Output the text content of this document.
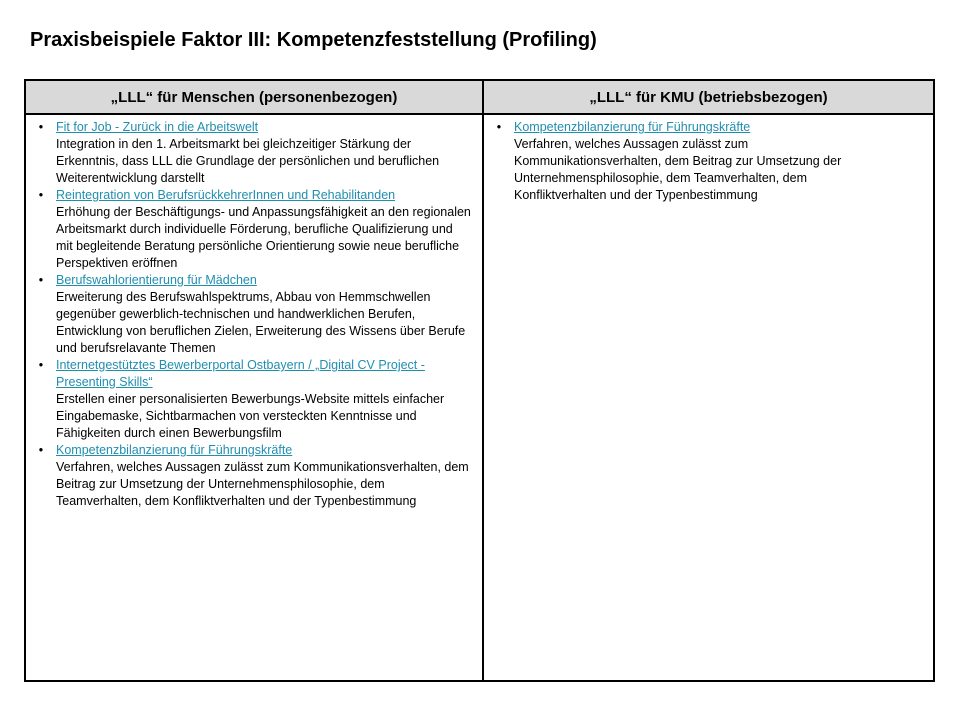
Praxisbeispiele Faktor III: Kompetenzfeststellung (Profiling)
„LLL“ für Menschen (personenbezogen)	„LLL“ für KMU (betriebsbezogen)
• Fit for Job - Zurück in die Arbeitswelt
Integration in den 1. Arbeitsmarkt bei gleichzeitiger Stärkung der Erkenntnis, dass LLL die Grundlage der persönlichen und beruflichen Weiterentwicklung darstellt
• Reintegration von BerufsrückkehrerInnen und Rehabilitanden
Erhöhung der Beschäftigungs- und Anpassungsfähigkeit an den regionalen Arbeitsmarkt durch individuelle Förderung, berufliche Qualifizierung und mit begleitende Beratung persönliche Orientierung sowie neue berufliche Perspektiven eröffnen
• Berufswahlorientierung für Mädchen
Erweiterung des Berufswahlspektrums, Abbau von Hemmschwellen gegenüber gewerblich-technischen und handwerklichen Berufen, Entwicklung von beruflichen Zielen, Erweiterung des Wissens über Berufe und berufsrelavante Themen
• Internetgestütztes Bewerberportal Ostbayern / „Digital CV Project - Presenting Skills“
Erstellen einer personalisierten Bewerbungs-Website mittels einfacher Eingabemaske, Sichtbarmachen von versteckten Kenntnisse und Fähigkeiten durch einen Bewerbungsfilm
• Kompetenzbilanzierung für Führungskräfte
Verfahren, welches Aussagen zulässt zum Kommunikationsverhalten, dem Beitrag zur Umsetzung der Unternehmensphilosophie, dem Teamverhalten, dem Konfliktverhalten und der Typenbestimmung
• Kompetenzbilanzierung für Führungskräfte
Verfahren, welches Aussagen zulässt zum Kommunikationsverhalten, dem Beitrag zur Umsetzung der Unternehmensphilosophie, dem Teamverhalten, dem Konfliktverhalten und der Typenbestimmung
